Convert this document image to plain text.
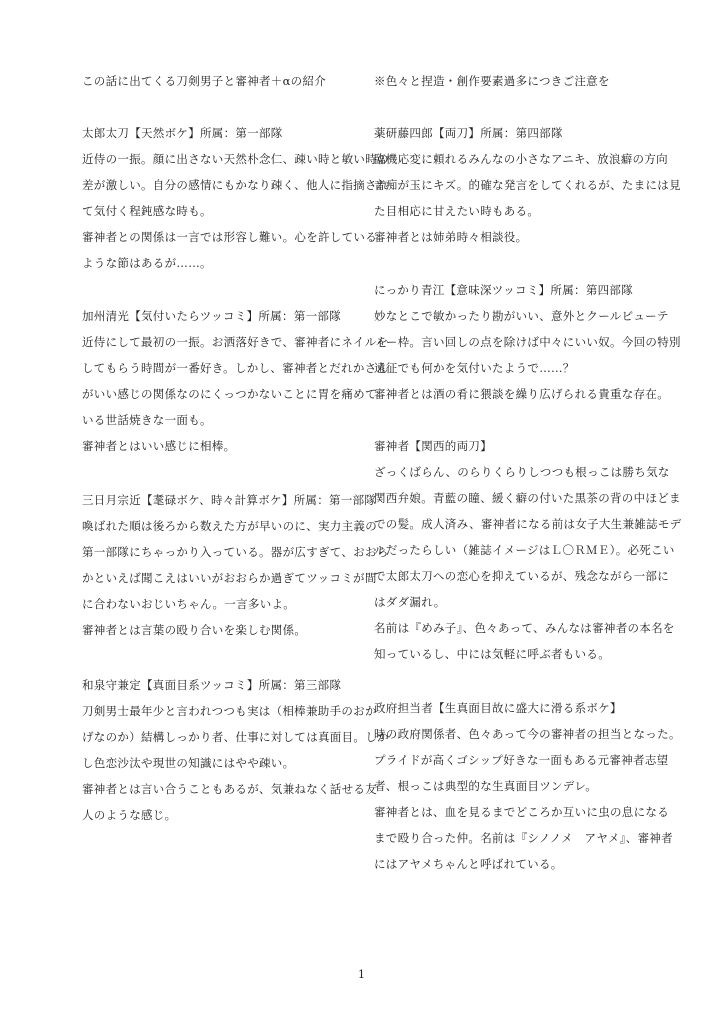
この話に出てくる刀剣男子と審神者＋αの紹介	※色々と捏造・創作要素過多につきご注意を
太郎太刀【天然ボケ】所属：第一部隊
近侍の一振。顔に出さない天然朴念仁、疎い時と敏い時の
差が激しい。自分の感情にもかなり疎く、他人に指摘され
て気付く程鈍感な時も。
審神者との関係は一言では形容し難い。心を許している
ような節はあるが……。
加州清光【気付いたらツッコミ】所属：第一部隊
近侍にして最初の一振。お洒落好きで、審神者にネイルを
してもらう時間が一番好き。しかし、審神者とだれかさん
がいい感じの関係なのにくっつかないことに胃を痛めて
いる世話焼きな一面も。
審神者とはいい感じに相棒。
三日月宗近【耄碌ボケ、時々計算ボケ】所属：第一部隊
喚ばれた順は後ろから数えた方が早いのに、実力主義の
第一部隊にちゃっかり入っている。器が広すぎて、おおら
かといえば聞こえはいいがおおらか過ぎてツッコミが間
に合わないおじいちゃん。一言多いよ。
審神者とは言葉の殴り合いを楽しむ関係。
和泉守兼定【真面目系ツッコミ】所属：第三部隊
刀剣男士最年少と言われつつも実は（相棒兼助手のおか
げなのか）結構しっかり者、仕事に対しては真面目。しか
し色恋沙汰や現世の知識にはやや疎い。
審神者とは言い合うこともあるが、気兼ねなく話せる友
人のような感じ。
薬研藤四郎【両刀】所属：第四部隊
臨機応変に頼れるみんなの小さなアニキ、放浪癖の方向
音痴が玉にキズ。的確な発言をしてくれるが、たまには見
た目相応に甘えたい時もある。
審神者とは姉弟時々相談役。
にっかり青江【意味深ツッコミ】所属：第四部隊
妙なとこで敏かったり勘がいい、意外とクールビューテ
ィー枠。言い回しの点を除けば中々にいい奴。今回の特別
遠征でも何かを気付いたようで……？
審神者とは酒の肴に猥談を繰り広げられる貴重な存在。
審神者【関西的両刀】
ざっくばらん、のらりくらりしつつも根っこは勝ち気な
関西弁娘。青藍の瞳、緩く癖の付いた黒茶の背の中ほどま
での髪。成人済み、審神者になる前は女子大生兼雑誌モデ
ルだったらしい（雑誌イメージはＬ〇ＲＭＥ）。必死こい
で太郎太刀への恋心を抑えているが、残念ながら一部に
はダダ漏れ。
名前は『めみ子』、色々あって、みんなは審神者の本名を
知っているし、中には気軽に呼ぶ者もいる。
政府担当者【生真面目故に盛大に滑る系ボケ】
時の政府関係者、色々あって今の審神者の担当となった。
プライドが高くゴシップ好きな一面もある元審神者志望
者、根っこは典型的な生真面目ツンデレ。
審神者とは、血を見るまでどころか互いに虫の息になる
まで殴り合った仲。名前は『シノノメ　アヤメ』、審神者
にはアヤメちゃんと呼ばれている。
1
